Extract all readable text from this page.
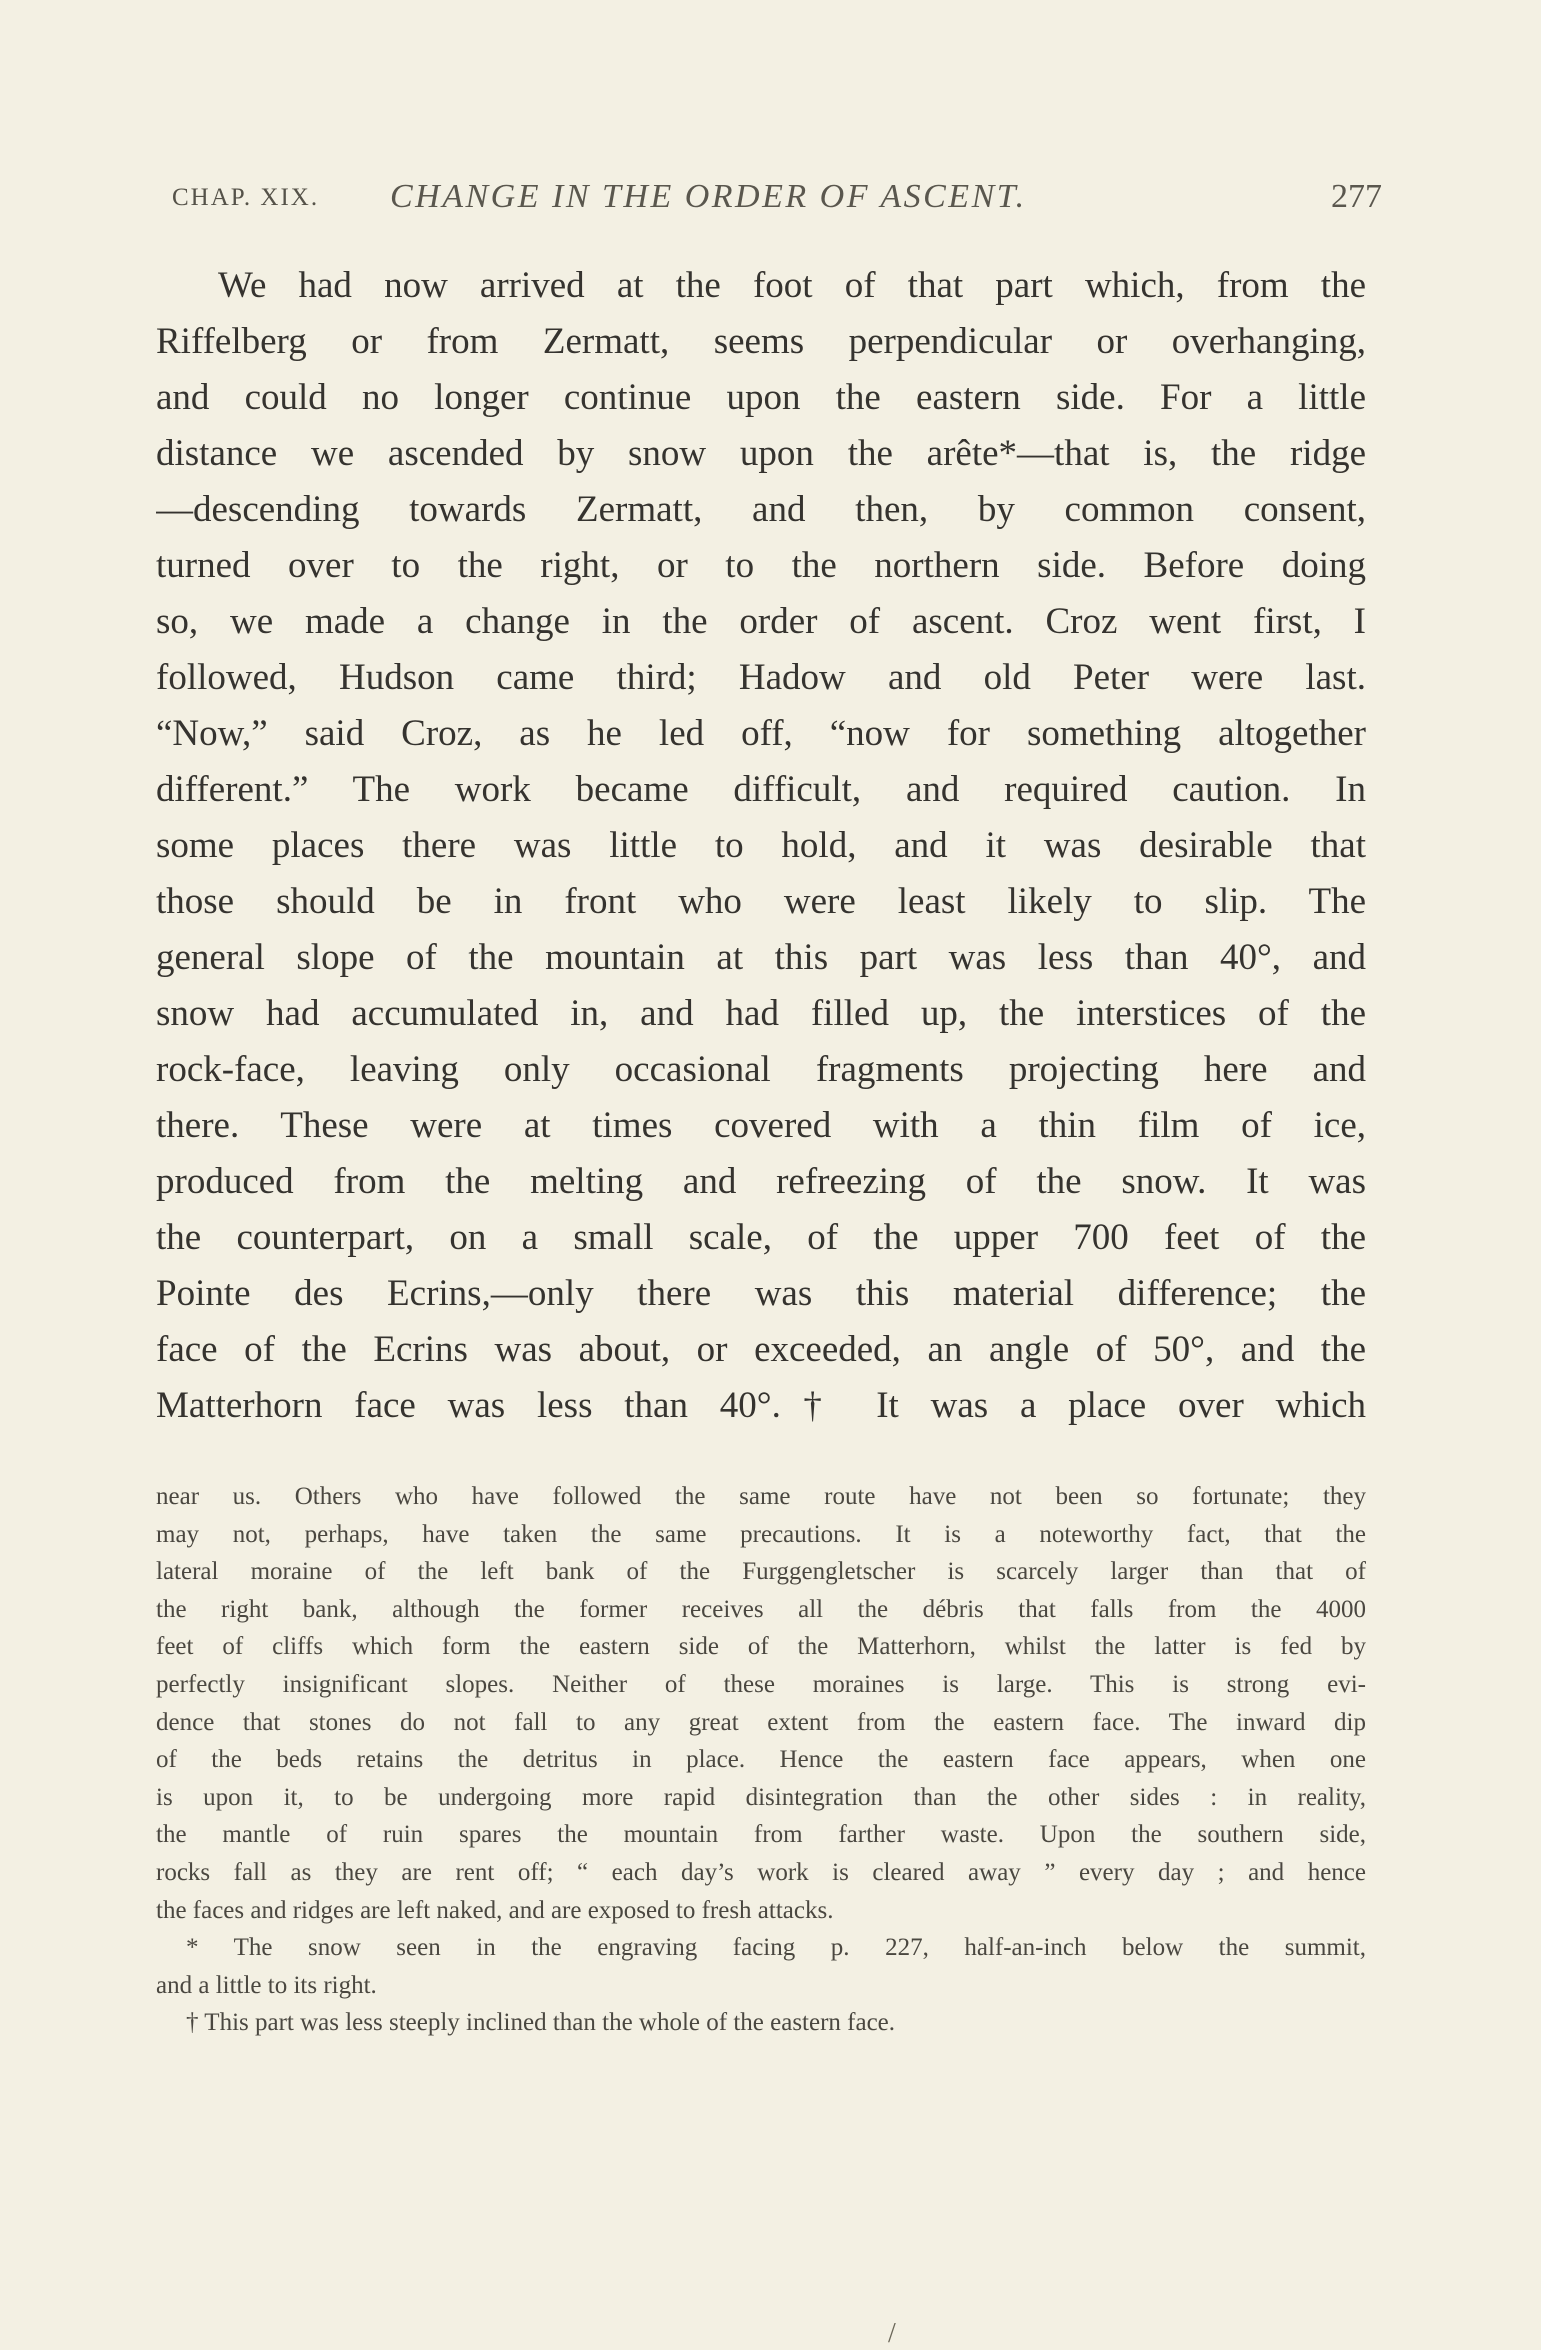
CHAP. XIX. CHANGE IN THE ORDER OF ASCENT.	277
We had now arrived at the foot of that part which, from the
Riffelberg or from Zermatt, seems perpendicular or overhanging,
and could no longer continue upon the eastern side. For a little
distance we ascended by snow upon the arête*—that is, the ridge
—descending towards Zermatt, and then, by common consent,
turned over to the right, or to the northern side. Before doing
so, we made a change in the order of ascent. Croz went first, I
followed, Hudson came third; Hadow and old Peter were last.
“Now,” said Croz, as he led off, “now for something altogether
different.” The work became difficult, and required caution. In
some places there was little to hold, and it was desirable that
those should be in front who were least likely to slip. The
general slope of the mountain at this part was less than 40°, and
snow had accumulated in, and had filled up, the interstices of the
rock-face, leaving only occasional fragments projecting here and
there. These were at times covered with a thin film of ice,
produced from the melting and refreezing of the snow. It was
the counterpart, on a small scale, of the upper 700 feet of the
Pointe des Ecrins,—only there was this material difference; the
face of the Ecrins was about, or exceeded, an angle of 50°, and the
Matterhorn face was less than 40°.† It was a place over which
near us. Others who have followed the same route have not been so fortunate; they
may not, perhaps, have taken the same precautions. It is a noteworthy fact, that the
lateral moraine of the left bank of the Furggengletscher is scarcely larger than that of
the right bank, although the former receives all the débris that falls from the 4000
feet of cliffs which form the eastern side of the Matterhorn, whilst the latter is fed by
perfectly insignificant slopes. Neither of these moraines is large. This is strong evi-
dence that stones do not fall to any great extent from the eastern face. The inward dip
of the beds retains the detritus in place. Hence the eastern face appears, when one
is upon it, to be undergoing more rapid disintegration than the other sides : in reality,
the mantle of ruin spares the mountain from farther waste. Upon the southern side,
rocks fall as they are rent off; “ each day’s work is cleared away ” every day ; and hence
the faces and ridges are left naked, and are exposed to fresh attacks.
* The snow seen in the engraving facing p. 227, half-an-inch below the summit,
and a little to its right.
† This part was less steeply inclined than the whole of the eastern face.
/
